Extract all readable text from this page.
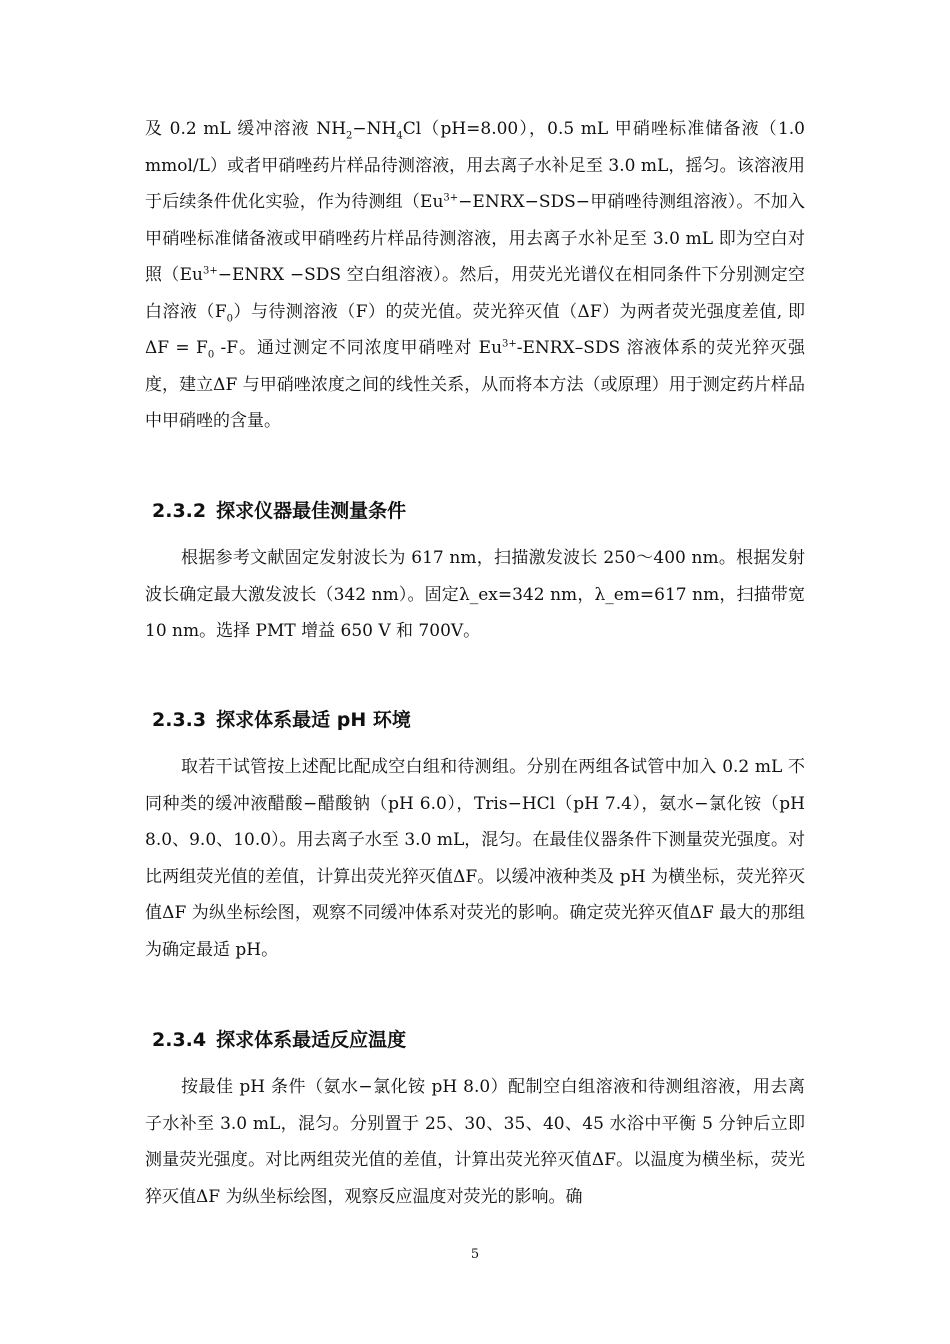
及 0.2 mL 缓冲溶液 $NH_2-NH_4Cl(pH=8.00)$，0.5 mL 甲硝唑标准储备液（1.0 mmol/L）或者甲硝唑药片样品待测溶液，用去离子水补足至 3.0 mL，摇匀。该溶液用于后续条件优化实验，作为待测组（$Eu^{3+}-ENRX-SDS-$甲硝唑待测组溶液）。不加入甲硝唑标准储备液或甲硝唑药片样品待测溶液，用去离子水补足至 3.0 mL 即为空白对照（$Eu^{3+}-ENRX -SDS$ 空白组溶液）。然后，用荧光光谱仪在相同条件下分别测定空白溶液$(F_0)$与待测溶液（F）的荧光值。荧光猝灭值（ΔF）为两者荧光强度差值, 即$\Delta F = F_0$ -F。通过测定不同浓度甲硝唑对 $Eu^{3+}-ENRX$–SDS 溶液体系的荧光猝灭强度，建立ΔF 与甲硝唑浓度之间的线性关系，从而将本方法（或原理）用于测定药片样品中甲硝唑的含量。

2.3.2 探求仪器最佳测量条件

根据参考文献固定发射波长为 617 nm，扫描激发波长 250～400 nm。根据发射波长确定最大激发波长（342 nm）。固定λ_ex=342 nm，λ_em=617 nm，扫描带宽 10 nm。选择 PMT 增益 650 V 和 700V。

2.3.3 探求体系最适 pH 环境

取若干试管按上述配比配成空白组和待测组。分别在两组各试管中加入 0.2 mL 不同种类的缓冲液醋酸−醋酸钠（pH 6.0），Tris−HCl（pH 7.4），氨水−氯化铵（pH 8.0、9.0、10.0）。用去离子水至 3.0 mL，混匀。在最佳仪器条件下测量荧光强度。对比两组荧光值的差值，计算出荧光猝灭值ΔF。以缓冲液种类及 pH 为横坐标，荧光猝灭值ΔF 为纵坐标绘图，观察不同缓冲体系对荧光的影响。确定荧光猝灭值ΔF 最大的那组为确定最适 pH。

2.3.4 探求体系最适反应温度

按最佳 pH 条件（氨水−氯化铵 pH 8.0）配制空白组溶液和待测组溶液，用去离子水补至 3.0 mL，混匀。分别置于 25、30、35、40、45 水浴中平衡 5 分钟后立即测量荧光强度。对比两组荧光值的差值，计算出荧光猝灭值ΔF。以温度为横坐标，荧光猝灭值ΔF 为纵坐标绘图，观察反应温度对荧光的影响。确

5
